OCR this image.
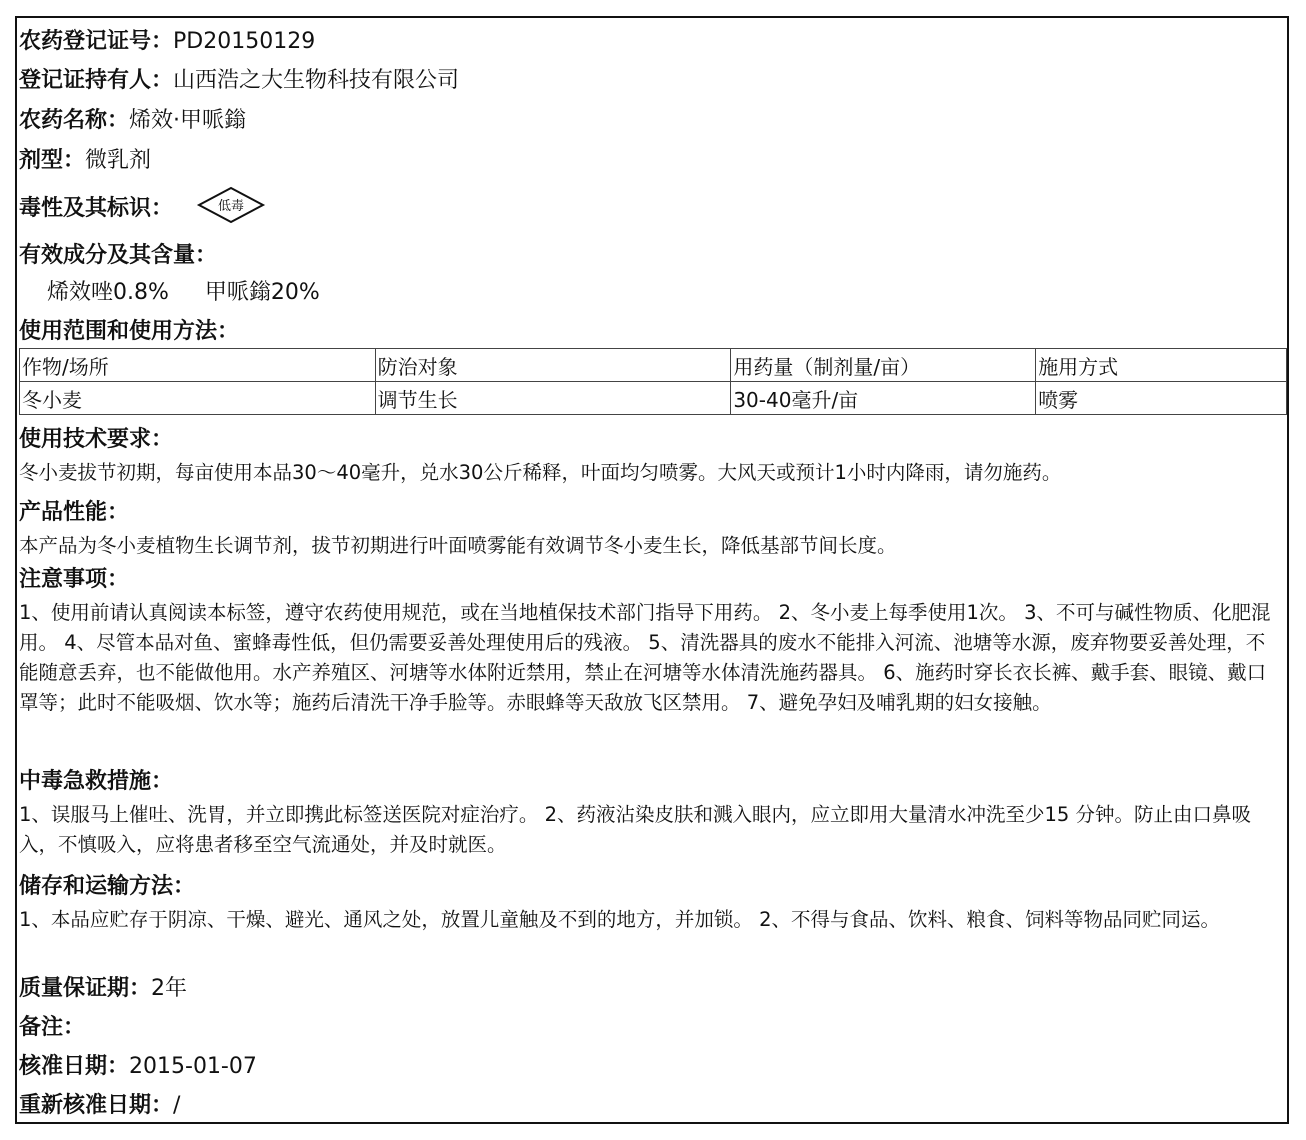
农药登记证号：PD20150129
登记证持有人：山西浩之大生物科技有限公司
农药名称：烯效·甲哌鎓
剂型：微乳剂
毒性及其标识：	低毒
有效成分及其含量：
烯效唑0.8% 甲哌鎓20%
使用范围和使用方法：
作物/场所	防治对象	用药量（制剂量/亩）	施用方式
冬小麦	调节生长	30-40毫升/亩	喷雾
使用技术要求：
冬小麦拔节初期，每亩使用本品30～40毫升，兑水30公斤稀释，叶面均匀喷雾。大风天或预计1小时内降雨，请勿施药。
产品性能：
本产品为冬小麦植物生长调节剂，拔节初期进行叶面喷雾能有效调节冬小麦生长，降低基部节间长度。
注意事项：
1、使用前请认真阅读本标签，遵守农药使用规范，或在当地植保技术部门指导下用药。 2、冬小麦上每季使用1次。 3、不可与碱性物质、化肥混用。 4、尽管本品对鱼、蜜蜂毒性低，但仍需要妥善处理使用后的残液。 5、清洗器具的废水不能排入河流、池塘等水源，废弃物要妥善处理，不能随意丢弃，也不能做他用。水产养殖区、河塘等水体附近禁用，禁止在河塘等水体清洗施药器具。 6、施药时穿长衣长裤、戴手套、眼镜、戴口罩等；此时不能吸烟、饮水等；施药后清洗干净手脸等。赤眼蜂等天敌放飞区禁用。 7、避免孕妇及哺乳期的妇女接触。
中毒急救措施：
1、误服马上催吐、洗胃，并立即携此标签送医院对症治疗。 2、药液沾染皮肤和溅入眼内，应立即用大量清水冲洗至少15 分钟。防止由口鼻吸入，不慎吸入，应将患者移至空气流通处，并及时就医。
储存和运输方法：
1、本品应贮存于阴凉、干燥、避光、通风之处，放置儿童触及不到的地方，并加锁。 2、不得与食品、饮料、粮食、饲料等物品同贮同运。
质量保证期：2年
备注：
核准日期：2015-01-07
重新核准日期：/
